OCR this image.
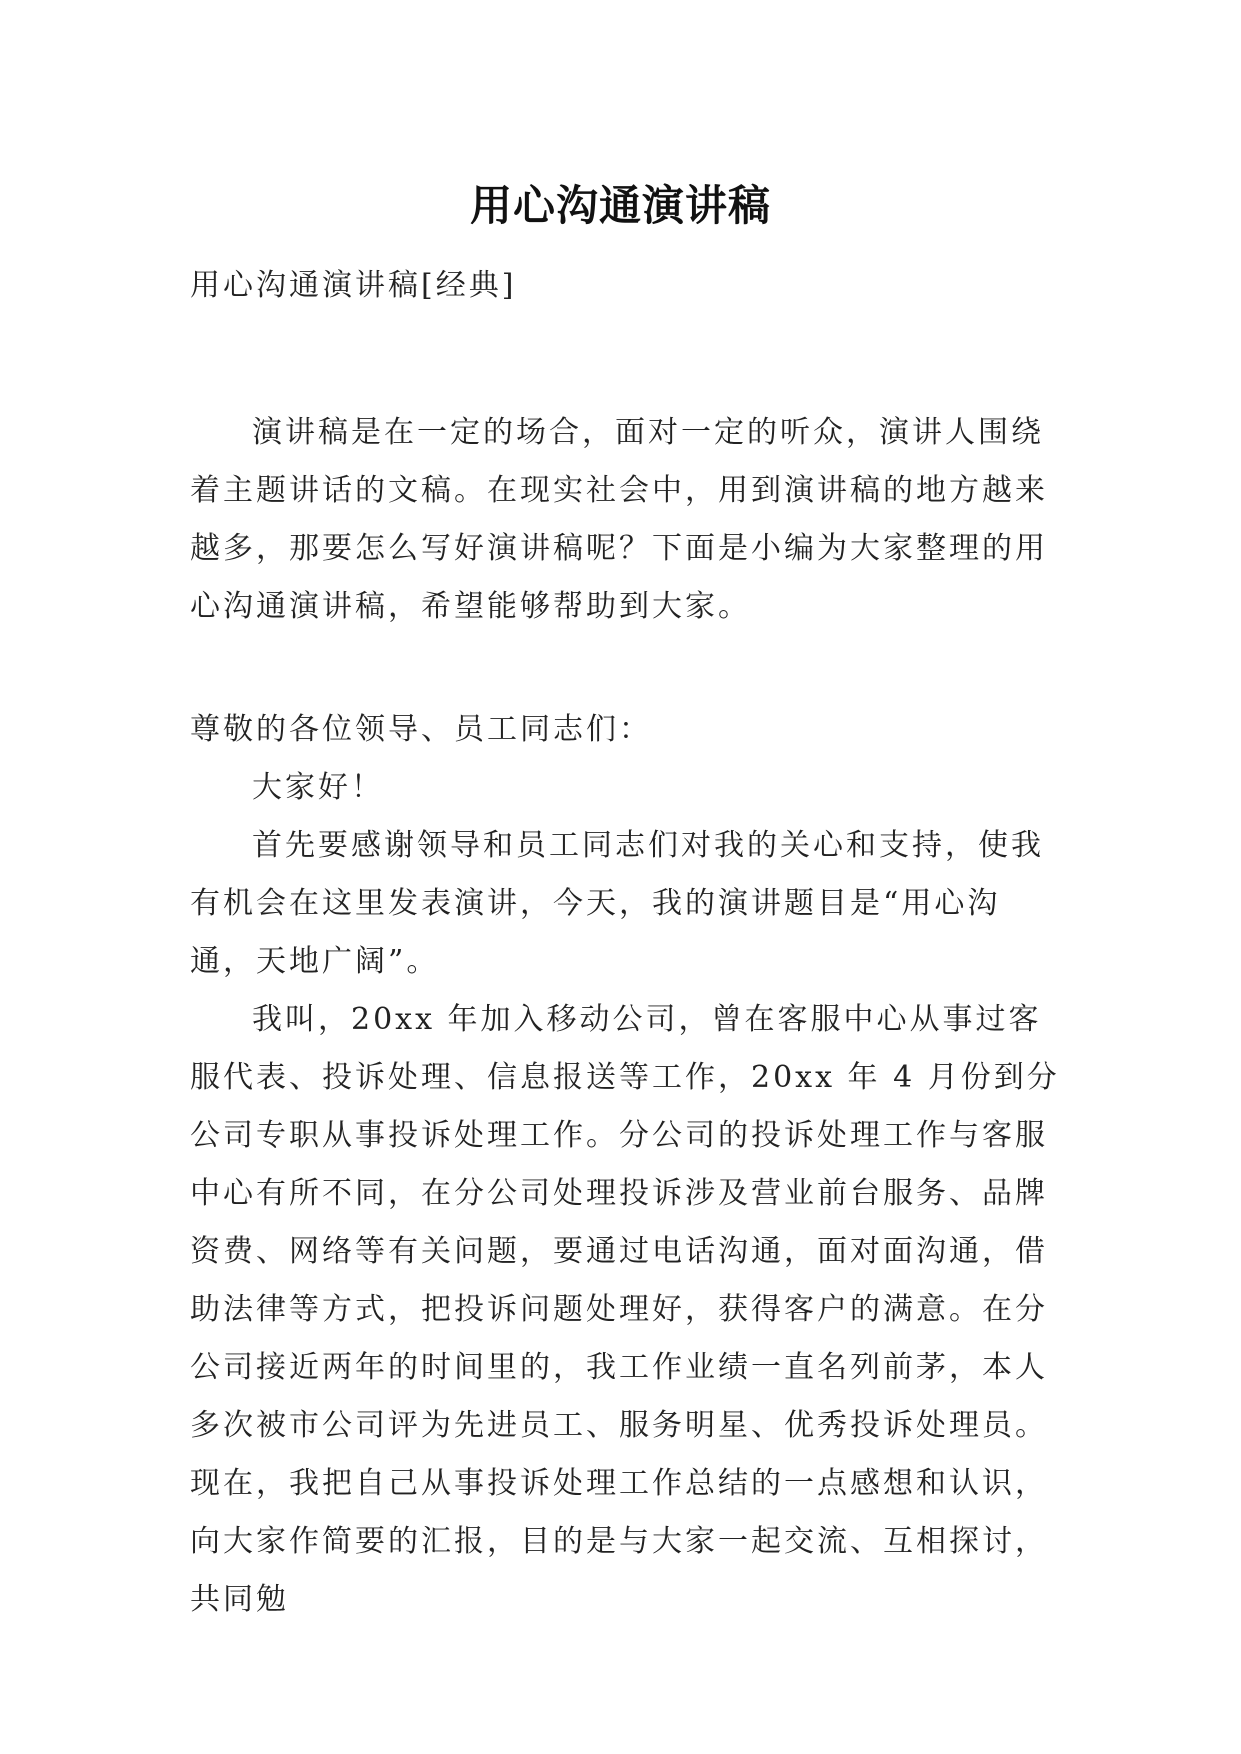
用心沟通演讲稿

用心沟通演讲稿[经典]

演讲稿是在一定的场合，面对一定的听众，演讲人围绕着主题讲话的文稿。在现实社会中，用到演讲稿的地方越来越多，那要怎么写好演讲稿呢？下面是小编为大家整理的用心沟通演讲稿，希望能够帮助到大家。

尊敬的各位领导、员工同志们：

大家好！

首先要感谢领导和员工同志们对我的关心和支持，使我有机会在这里发表演讲，今天，我的演讲题目是“用心沟通，天地广阔”。

我叫，20xx 年加入移动公司，曾在客服中心从事过客服代表、投诉处理、信息报送等工作，20xx 年 4 月份到分公司专职从事投诉处理工作。分公司的投诉处理工作与客服中心有所不同，在分公司处理投诉涉及营业前台服务、品牌资费、网络等有关问题，要通过电话沟通，面对面沟通，借助法律等方式，把投诉问题处理好，获得客户的满意。在分公司接近两年的时间里的，我工作业绩一直名列前茅，本人多次被市公司评为先进员工、服务明星、优秀投诉处理员。现在，我把自己从事投诉处理工作总结的一点感想和认识，向大家作简要的汇报，目的是与大家一起交流、互相探讨，共同勉
